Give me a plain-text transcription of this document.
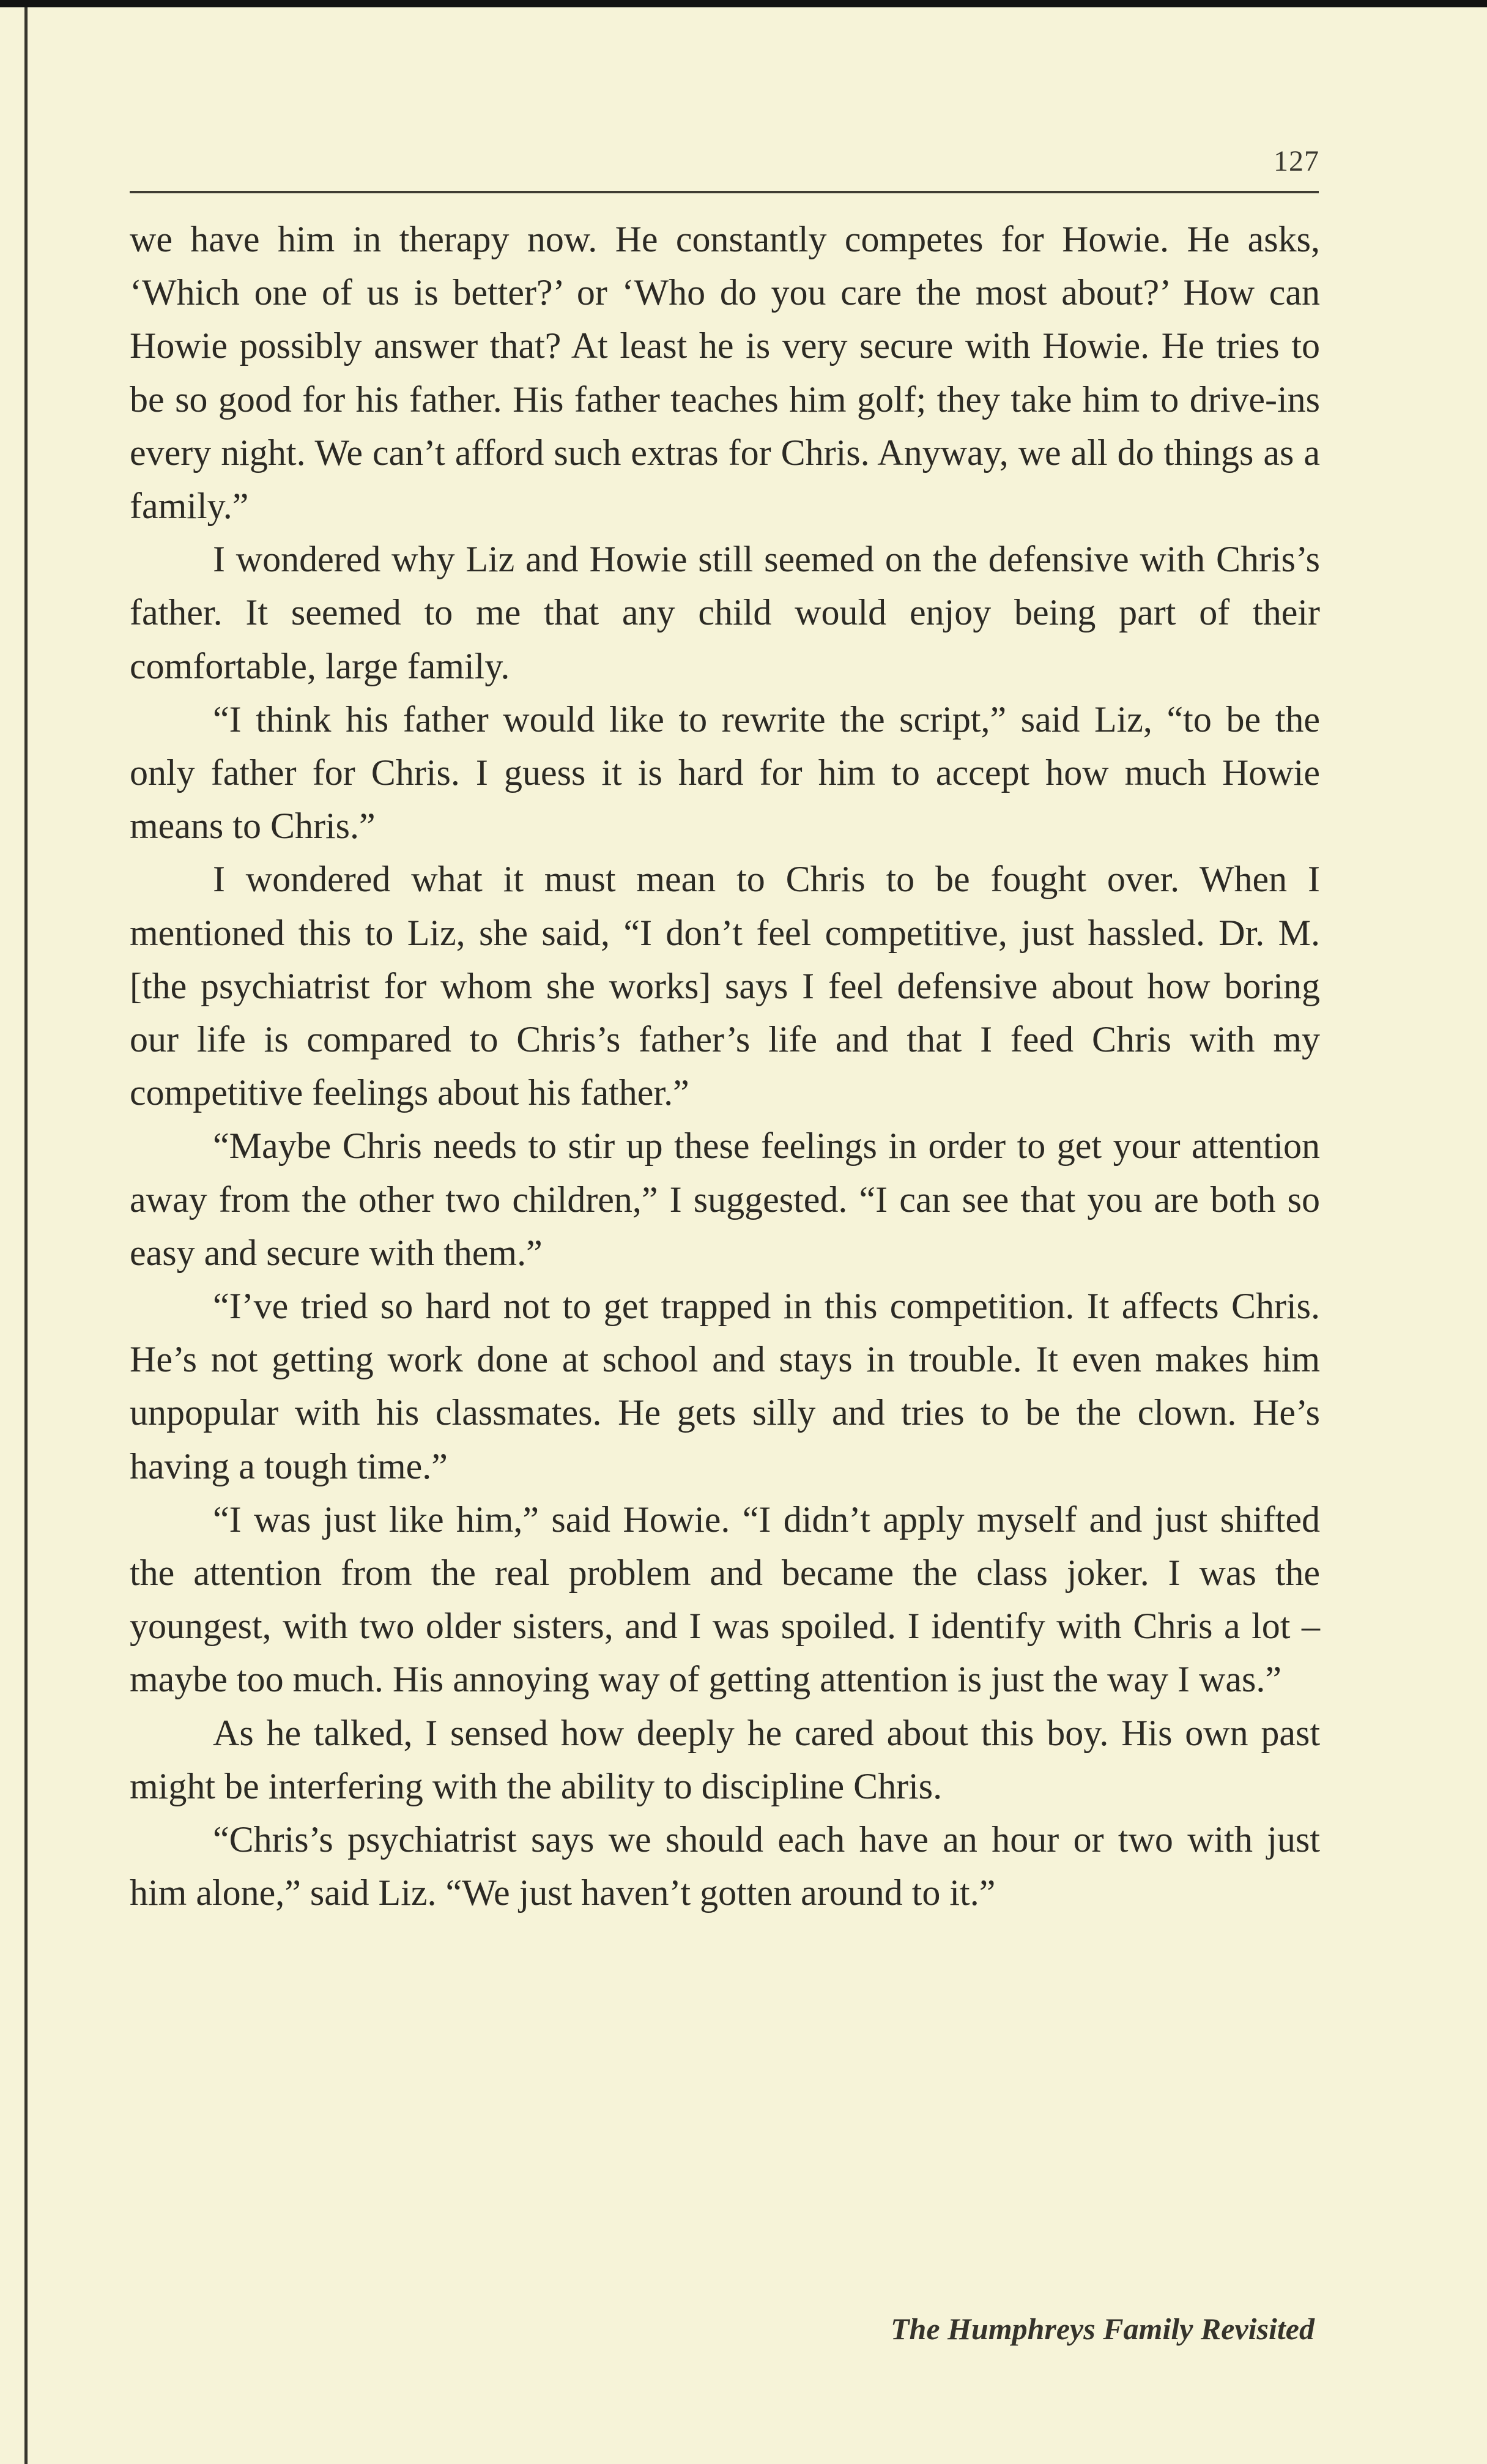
127

we have him in therapy now. He constantly competes for Howie. He asks, ‘Which one of us is better?’ or ‘Who do you care the most about?’ How can Howie possibly answer that? At least he is very secure with Howie. He tries to be so good for his father. His father teaches him golf; they take him to drive-ins every night. We can’t afford such extras for Chris. Anyway, we all do things as a family.”

I wondered why Liz and Howie still seemed on the defensive with Chris’s father. It seemed to me that any child would enjoy being part of their comfortable, large family.

“I think his father would like to rewrite the script,” said Liz, “to be the only father for Chris. I guess it is hard for him to accept how much Howie means to Chris.”

I wondered what it must mean to Chris to be fought over. When I mentioned this to Liz, she said, “I don’t feel competitive, just hassled. Dr. M. [the psychiatrist for whom she works] says I feel defensive about how boring our life is compared to Chris’s father’s life and that I feed Chris with my competitive feelings about his father.”

“Maybe Chris needs to stir up these feelings in order to get your attention away from the other two children,” I suggested. “I can see that you are both so easy and secure with them.”

“I’ve tried so hard not to get trapped in this competition. It affects Chris. He’s not getting work done at school and stays in trouble. It even makes him unpopular with his classmates. He gets silly and tries to be the clown. He’s having a tough time.”

“I was just like him,” said Howie. “I didn’t apply myself and just shifted the attention from the real problem and became the class joker. I was the youngest, with two older sisters, and I was spoiled. I identify with Chris a lot – maybe too much. His annoying way of getting attention is just the way I was.”

As he talked, I sensed how deeply he cared about this boy. His own past might be interfering with the ability to discipline Chris.

“Chris’s psychiatrist says we should each have an hour or two with just him alone,” said Liz. “We just haven’t gotten around to it.”

The Humphreys Family Revisited
